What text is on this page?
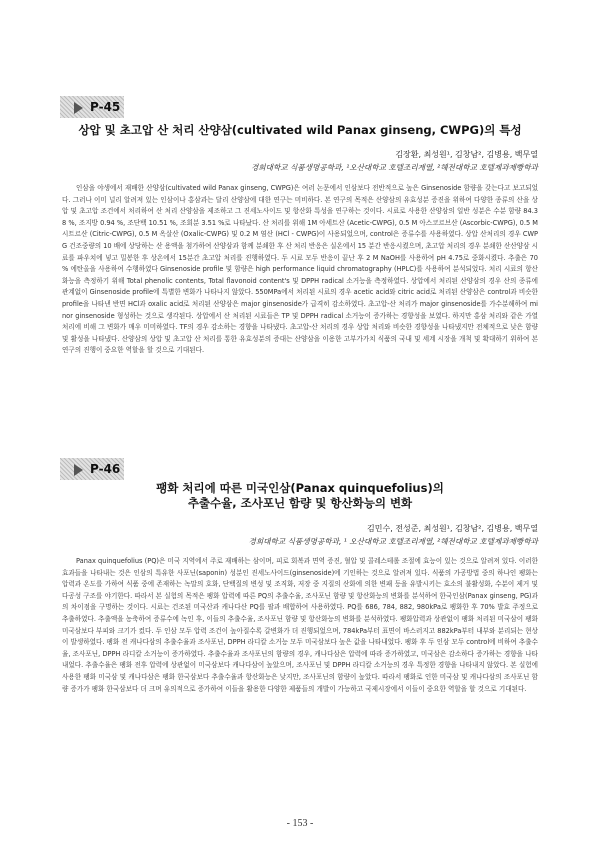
P-45
상압 및 초고압 산 처리 산양삼(cultivated wild Panax ginseng, CWPG)의 특성
김장환, 최성원¹, 김창남², 김병용, 백무열
경희대학교 식품생명공학과, ¹오산대학교 호텔조리계열, ²해전대학교 호텔제과제빵학과
인삼을 야생에서 재배한 산양삼(cultivated wild Panax ginseng, CWPG)은 여러 논문에서 인삼보다 전반적으로 높은 Ginsenoside 함량을 갖는다고 보고되었다. 그러나 이미 널리 알려져 있는 인삼이나 홍삼과는 달리 산양삼에 대한 연구는 미비하다. 본 연구의 목적은 산양삼의 유효성분 증진을 위하여 다양한 종류의 산을 상압 및 초고압 조건에서 처리하여 산 처리 산양삼을 제조하고 그 진세노사이드 및 항산화 특성을 연구하는 것이다. 시료로 사용한 산양삼의 일반 성분은 수분 함량 84.38 %, 조지방 0.94 %, 조단백 10.51 %, 조회분 3.51 %로 나타났다. 산 처리를 위해 1M 아세트산 (Acetic-CWPG), 0.5 M 아스코르브산 (Ascorbic-CWPG), 0.5 M 시트르산 (Citric-CWPG), 0.5 M 옥살산 (Oxalic-CWPG) 및 0.2 M 염산 (HCl - CWPG)이 사용되었으며, control은 증류수를 사용하였다. 상압 산처리의 경우 CWPG 건조중량의 10 배에 상당하는 산 용액을 첨가하여 산양삼과 함께 분쇄한 후 산 처리 반응은 실온에서 15 분간 반응시켰으며, 초고압 처리의 경우 분쇄한 산산양삼 시료를 파우치에 넣고 밀봉한 후 상온에서 15분간 초고압 처리를 진행하였다. 두 시료 모두 반응이 끝난 후 2 M NaOH를 사용하여 pH 4.75로 중화시켰다. 추출은 70 % 에탄올을 사용하여 수행하였다 Ginsenoside profile 및 함량은 high performance liquid chromatography (HPLC)를 사용하여 분석되었다. 처리 시료의 항산화능을 측정하기 위해 Total phenolic contents, Total flavonoid content's 및 DPPH radical 소거능을 측정하였다. 상압에서 처리된 산양삼의 경우 산의 종류에 관계없이 Ginsenoside profile에 특별한 변화가 나타나지 않았다. 550MPa에서 처리된 시료의 경우 acetic acid와 citric acid로 처리된 산양삼은 control과 비슷한 profile을 나타낸 반면 HCl과 oxalic acid로 처리된 산양삼은 major ginsenoside가 급격히 감소하였다. 초고압-산 처리가 major ginsenoside를 가수분해하여 minor ginsenoside 형성하는 것으로 생각된다. 상압에서 산 처리된 시료들은 TP 및 DPPH radical 소거능이 증가하는 경향성을 보였다. 하지만 홍삼 처리와 같은 가열처리에 비해 그 변화가 매우 미미하였다. TF의 경우 감소하는 경향을 나타냈다. 초고압-산 처리의 경우 상압 처리와 비슷한 경향성을 나타냈지만 전체적으로 낮은 함량 및 활성을 나타냈다. 산양삼의 상압 및 초고압 산 처리를 통한 유효성분의 증대는 산양삼을 이용한 고부가가치 식품의 국내 및 세계 시장을 개척 및 확대하기 위하여 본 연구의 진행이 중요한 역할을 할 것으로 기대된다.
P-46
팽화 처리에 따른 미국인삼(Panax quinquefolius)의
추출수율, 조사포닌 함량 및 항산화능의 변화
김민수, 전성준, 최성원¹, 김창남², 김병용, 백무열
경희대학교 식품생명공학과, ¹ 오산대학교 호텔조리계열, ²해전대학교 호텔제과제빵학과
Panax quinquefolius (PQ)은 미국 지역에서 주로 재배하는 삼이며, 피로 회복과 면역 증진, 혈압 및 콜레스테롤 조절에 효능이 있는 것으로 알려져 있다. 이러한 효과들을 나타내는 것은 인삼의 특유한 사포닌(saponin) 성분인 진세노사이드(ginsenoside)에 기인하는 것으로 알려져 있다. 식품의 가공방법 중의 하나인 팽화는 압력과 온도를 가하여 식품 중에 존재하는 녹말의 호화, 단백질의 변성 및 조직화, 저장 중 지질의 산화에 의한 변패 등을 유발시키는 효소의 불활성화, 수분이 제거 및 다공성 구조를 야기한다. 따라서 본 실험의 목적은 팽화 압력에 따른 PQ의 추출수율, 조사포닌 함량 및 항산화능의 변화를 분석하여 한국인삼(Panax ginseng, PG)과의 차이점을 구명하는 것이다. 시료는 건조된 미국산과 캐나다산 PQ를 팔과 배합하여 사용하였다. PQ를 686, 784, 882, 980kPa로 팽화한 후 70% 발효 주정으로 추출하였다. 추출액을 농축하여 증류수에 녹인 후, 이들의 추출수율, 조사포닌 함량 및 항산화능의 변화를 분석하였다. 팽화압력과 상관없이 팽화 처리된 미국삼이 팽화 미국삼보다 부피와 크기가 컸다. 두 인삼 모두 압력 조건이 높아질수록 갈변화가 더 진행되었으며, 784kPa부터 표면이 바스러지고 882kPa부터 내부와 분리되는 현상이 발생하였다. 팽화 전 캐나다삼의 추출수율과 조사포닌, DPPH 라디칼 소거능 모두 미국삼보다 높은 값을 나타내었다. 팽화 후 두 인삼 모두 control에 비하여 추출수율, 조사포닌, DPPH 라디칼 소거능이 증가하였다. 추출수율과 조사포닌의 함량의 경우, 캐나다삼은 압력에 따라 증가하였고, 미국삼은 감소하다 증가하는 경향을 나타내었다. 추출수율은 팽화 전후 압력에 상관없이 미국삼보다 캐나다삼이 높았으며, 조사포닌 및 DPPH 라디칼 소거능의 경우 특정한 경향을 나타내지 않았다. 본 실험에 사용한 팽화 미국삼 및 캐나다삼은 팽화 한국삼보다 추출수율과 항산화능은 낮지만, 조사포닌의 함량이 높았다. 따라서 팽화로 인한 미국삼 및 캐나다삼의 조사포닌 함량 증가가 팽화 한국삼보다 더 크며 유의적으로 증가하여 이들을 활용한 다양한 제품들의 개발이 가능하고 국제시장에서 이들이 중요한 역할을 할 것으로 기대된다.
- 153 -
